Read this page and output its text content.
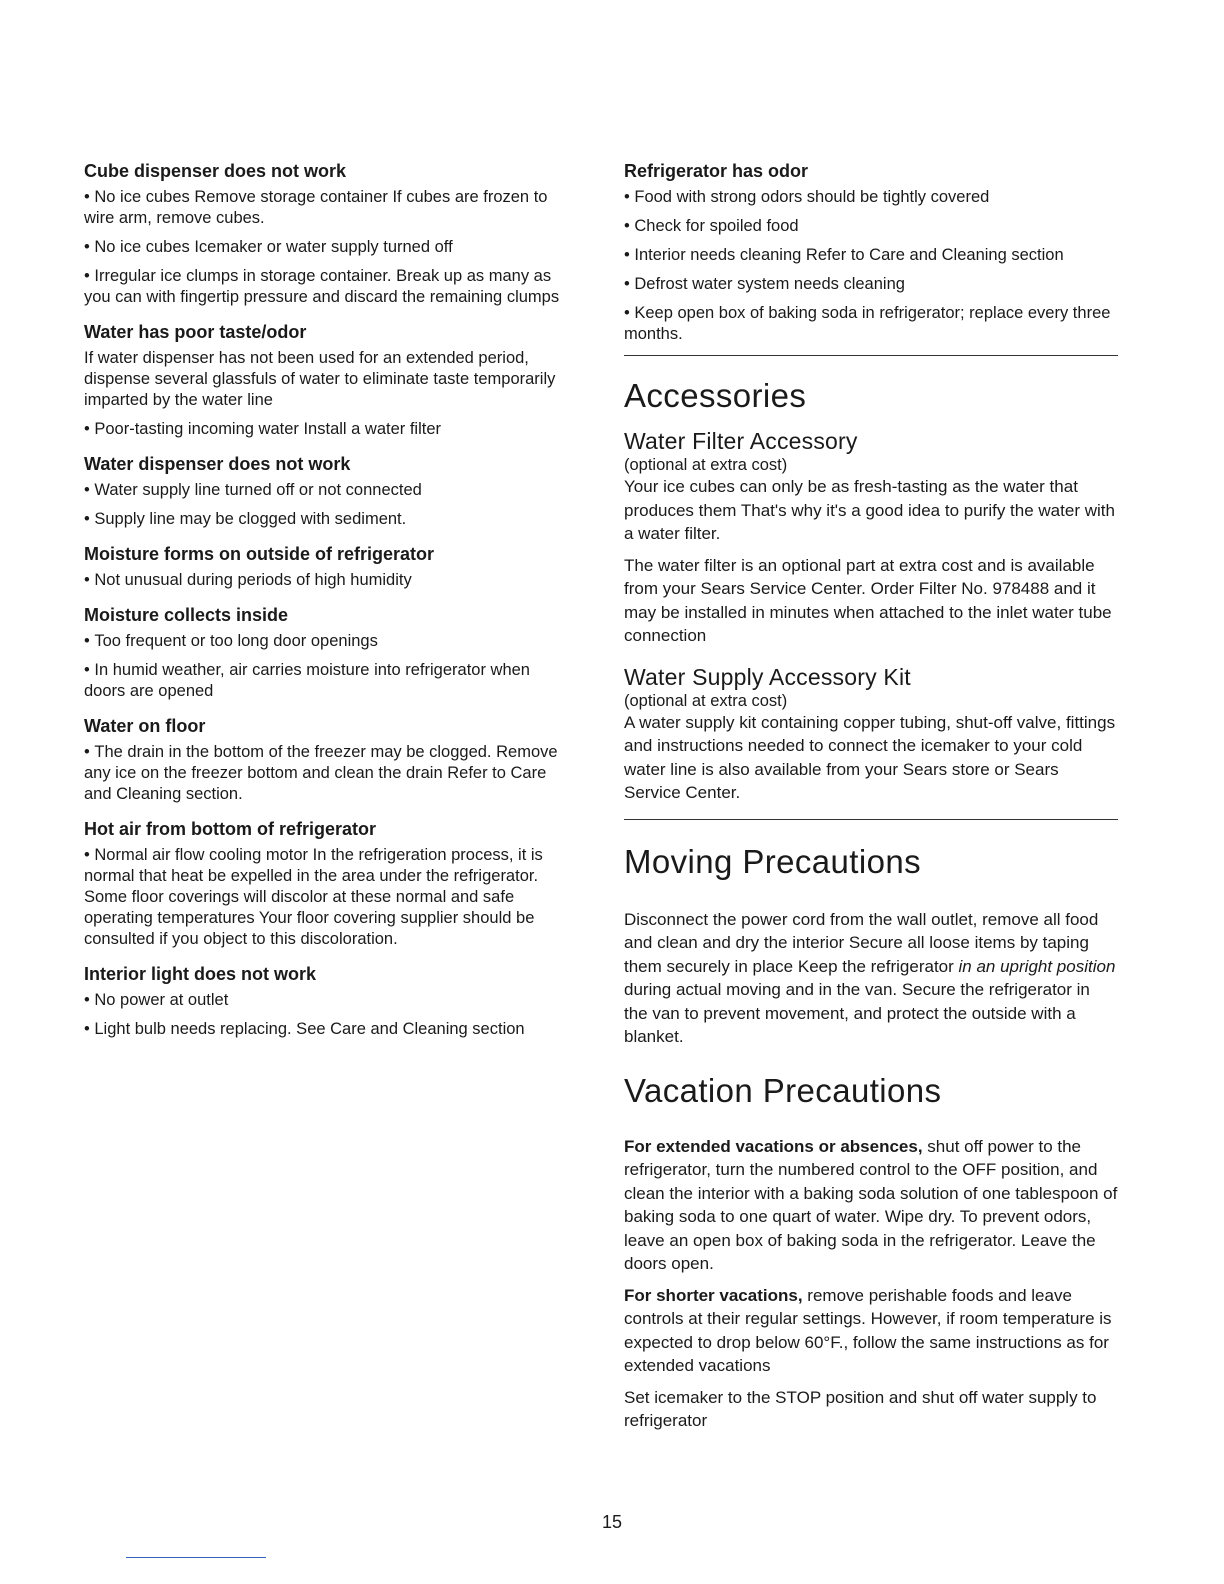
Cube dispenser does not work
• No ice cubes Remove storage container If cubes are frozen to wire arm, remove cubes.
• No ice cubes Icemaker or water supply turned off
• Irregular ice clumps in storage container. Break up as many as you can with fingertip pressure and discard the remaining clumps
Water has poor taste/odor
If water dispenser has not been used for an extended period, dispense several glassfuls of water to eliminate taste temporarily imparted by the water line
• Poor-tasting incoming water Install a water filter
Water dispenser does not work
• Water supply line turned off or not connected
• Supply line may be clogged with sediment.
Moisture forms on outside of refrigerator
• Not unusual during periods of high humidity
Moisture collects inside
• Too frequent or too long door openings
• In humid weather, air carries moisture into refrigerator when doors are opened
Water on floor
• The drain in the bottom of the freezer may be clogged. Remove any ice on the freezer bottom and clean the drain Refer to Care and Cleaning section.
Hot air from bottom of refrigerator
• Normal air flow cooling motor In the refrigeration process, it is normal that heat be expelled in the area under the refrigerator. Some floor coverings will discolor at these normal and safe operating temperatures Your floor covering supplier should be consulted if you object to this discoloration.
Interior light does not work
• No power at outlet
• Light bulb needs replacing. See Care and Cleaning section
Refrigerator has odor
• Food with strong odors should be tightly covered
• Check for spoiled food
• Interior needs cleaning Refer to Care and Cleaning section
• Defrost water system needs cleaning
• Keep open box of baking soda in refrigerator; replace every three months.
Accessories
Water Filter Accessory
(optional at extra cost)
Your ice cubes can only be as fresh-tasting as the water that produces them That's why it's a good idea to purify the water with a water filter.
The water filter is an optional part at extra cost and is available from your Sears Service Center. Order Filter No. 978488 and it may be installed in minutes when attached to the inlet water tube connection
Water Supply Accessory Kit
(optional at extra cost)
A water supply kit containing copper tubing, shut-off valve, fittings and instructions needed to connect the icemaker to your cold water line is also available from your Sears store or Sears Service Center.
Moving Precautions

Disconnect the power cord from the wall outlet, remove all food and clean and dry the interior Secure all loose items by taping them securely in place Keep the refrigerator in an upright position during actual moving and in the van. Secure the refrigerator in the van to prevent movement, and protect the outside with a blanket.

Vacation Precautions

For extended vacations or absences, shut off power to the refrigerator, turn the numbered control to the OFF position, and clean the interior with a baking soda solution of one tablespoon of baking soda to one quart of water. Wipe dry. To prevent odors, leave an open box of baking soda in the refrigerator. Leave the doors open.

For shorter vacations, remove perishable foods and leave controls at their regular settings. However, if room temperature is expected to drop below 60°F., follow the same instructions as for extended vacations

Set icemaker to the STOP position and shut off water supply to refrigerator

15
